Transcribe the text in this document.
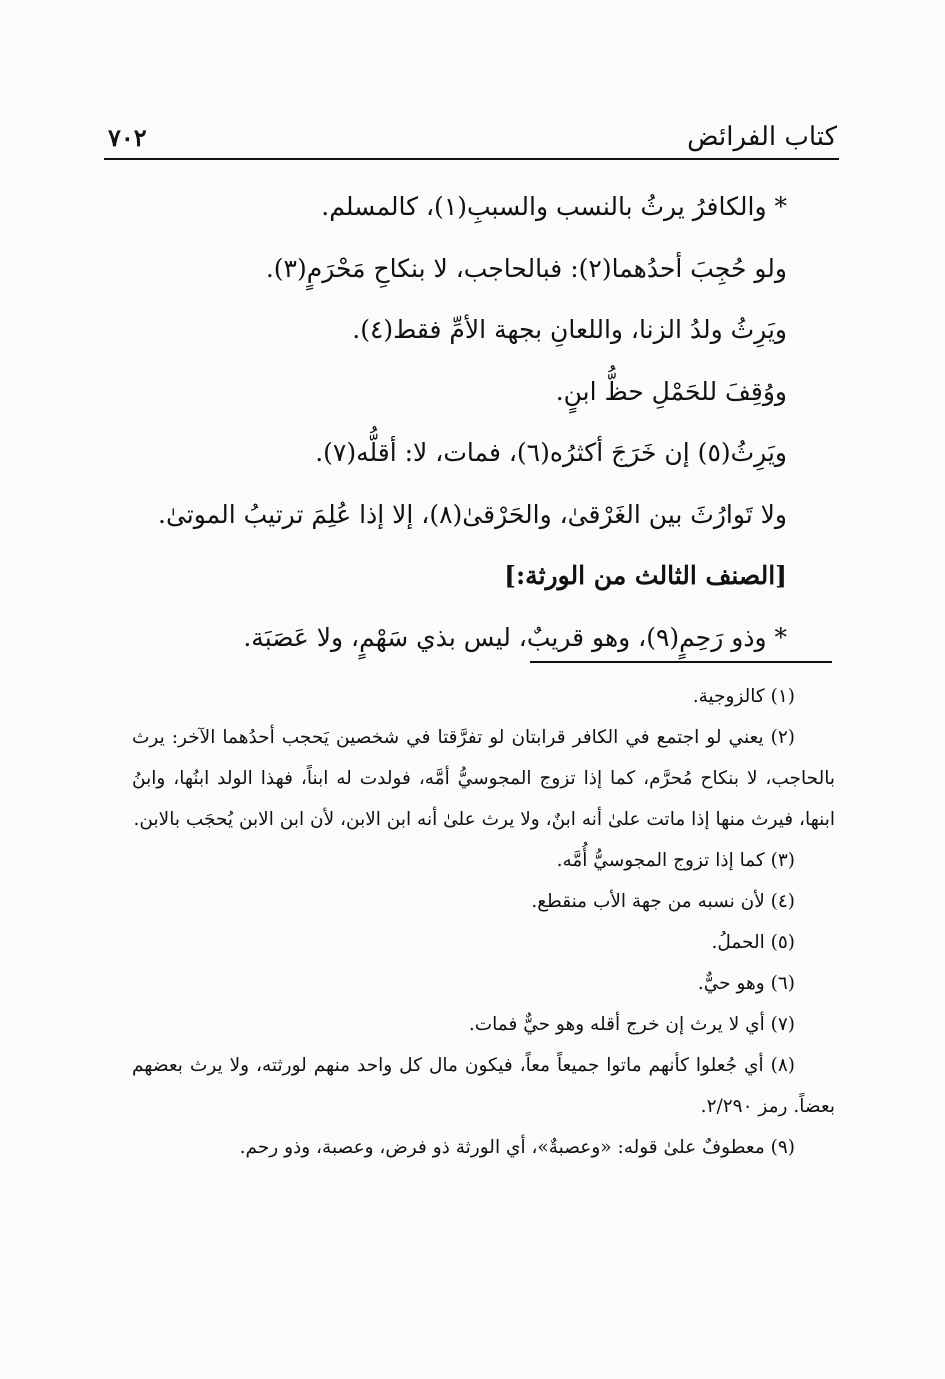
٧٠٢	كتاب الفرائض
* والكافرُ يرثُ بالنسب والسببِ(١)، كالمسلم.
ولو حُجِبَ أحدُهما(٢): فبالحاجب، لا بنكاحِ مَحْرَمٍ(٣).
ويَرِثُ ولدُ الزنا، واللعانِ بجهة الأمِّ فقط(٤).
ووُقِفَ للحَمْلِ حظُّ ابنٍ.
ويَرِثُ(٥) إن خَرَجَ أكثرُه(٦)، فمات، لا: أقلُّه(٧).
ولا تَوارُثَ بين الغَرْقىٰ، والحَرْقىٰ(٨)، إلا إذا عُلِمَ ترتيبُ الموتىٰ.
[الصنف الثالث من الورثة:]
* وذو رَحِمٍ(٩)، وهو قريبٌ، ليس بذي سَهْمٍ، ولا عَصَبَة.

(١) كالزوجية.

(٢) يعني لو اجتمع في الكافر قرابتان لو تفرَّقتا في شخصين يَحجب أحدُهما الآخر: يرث بالحاجب، لا بنكاح مُحرَّم، كما إذا تزوج المجوسيُّ أمَّه، فولدت له ابناً، فهذا الولد ابنُها، وابنُ ابنها، فيرث منها إذا ماتت علىٰ أنه ابنٌ، ولا يرث علىٰ أنه ابن الابن، لأن ابن الابن يُحجَب بالابن.

(٣) كما إذا تزوج المجوسيُّ أُمَّه.

(٤) لأن نسبه من جهة الأب منقطع.

(٥) الحملُ.

(٦) وهو حيٌّ.

(٧) أي لا يرث إن خرج أقله وهو حيٌّ فمات.

(٨) أي جُعلوا كأنهم ماتوا جميعاً معاً، فيكون مال كل واحد منهم لورثته، ولا يرث بعضهم بعضاً. رمز ٢/٢٩٠.

(٩) معطوفٌ علىٰ قوله: «وعصبةٌ»، أي الورثة ذو فرض، وعصبة، وذو رحم.
